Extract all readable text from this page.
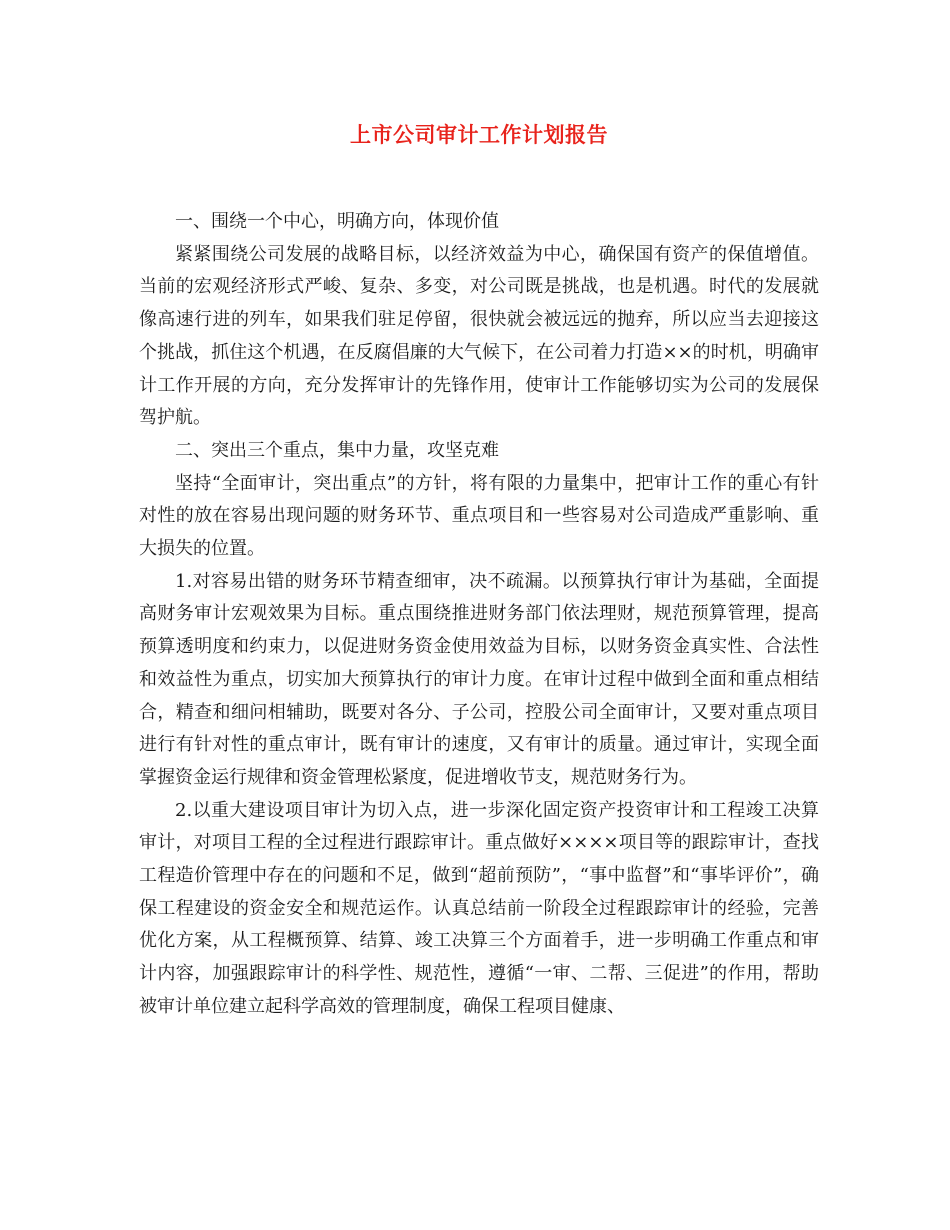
上市公司审计工作计划报告

一、围绕一个中心，明确方向，体现价值

紧紧围绕公司发展的战略目标，以经济效益为中心，确保国有资产的保值增值。当前的宏观经济形式严峻、复杂、多变，对公司既是挑战，也是机遇。时代的发展就像高速行进的列车，如果我们驻足停留，很快就会被远远的抛弃，所以应当去迎接这个挑战，抓住这个机遇，在反腐倡廉的大气候下，在公司着力打造××的时机，明确审计工作开展的方向，充分发挥审计的先锋作用，使审计工作能够切实为公司的发展保驾护航。

二、突出三个重点，集中力量，攻坚克难

坚持“全面审计，突出重点”的方针，将有限的力量集中，把审计工作的重心有针对性的放在容易出现问题的财务环节、重点项目和一些容易对公司造成严重影响、重大损失的位置。

1.对容易出错的财务环节精查细审，决不疏漏。以预算执行审计为基础，全面提高财务审计宏观效果为目标。重点围绕推进财务部门依法理财，规范预算管理，提高预算透明度和约束力，以促进财务资金使用效益为目标，以财务资金真实性、合法性和效益性为重点，切实加大预算执行的审计力度。在审计过程中做到全面和重点相结合，精查和细问相辅助，既要对各分、子公司，控股公司全面审计，又要对重点项目进行有针对性的重点审计，既有审计的速度，又有审计的质量。通过审计，实现全面掌握资金运行规律和资金管理松紧度，促进增收节支，规范财务行为。

2.以重大建设项目审计为切入点，进一步深化固定资产投资审计和工程竣工决算审计，对项目工程的全过程进行跟踪审计。重点做好××××项目等的跟踪审计，查找工程造价管理中存在的问题和不足，做到“超前预防”，“事中监督”和“事毕评价”，确保工程建设的资金安全和规范运作。认真总结前一阶段全过程跟踪审计的经验，完善优化方案，从工程概预算、结算、竣工决算三个方面着手，进一步明确工作重点和审计内容，加强跟踪审计的科学性、规范性，遵循“一审、二帮、三促进”的作用，帮助被审计单位建立起科学高效的管理制度，确保工程项目健康、
